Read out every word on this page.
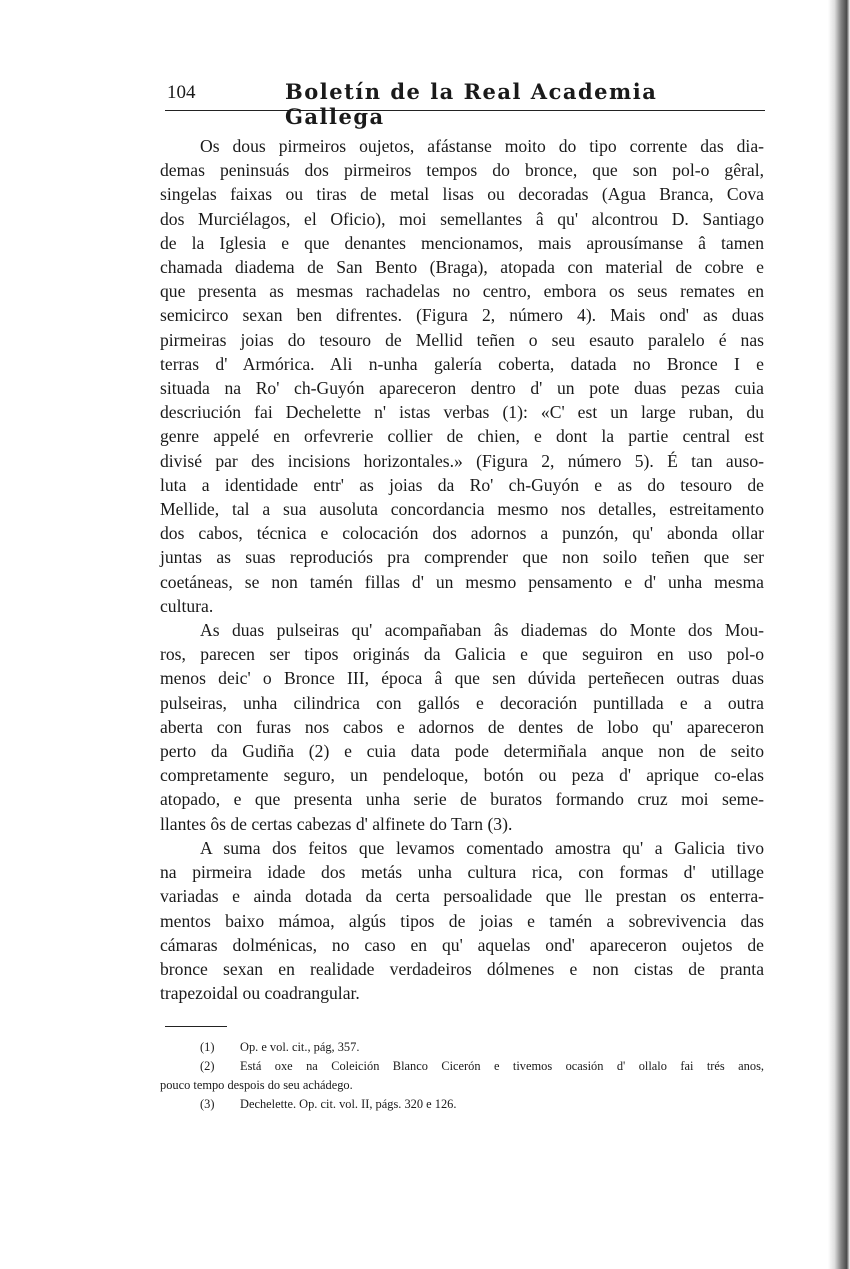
104	Boletín de la Real Academia Gallega
Os dous pirmeiros oujetos, afástanse moito do tipo corrente das dia-
demas peninsuás dos pirmeiros tempos do bronce, que son pol-o gêral,
singelas faixas ou tiras de metal lisas ou decoradas (Agua Branca, Cova
dos Murciélagos, el Oficio), moi semellantes â qu' alcontrou D. Santiago
de la Iglesia e que denantes mencionamos, mais aprousímanse â tamen
chamada diadema de San Bento (Braga), atopada con material de cobre e
que presenta as mesmas rachadelas no centro, embora os seus remates en
semicirco sexan ben difrentes. (Figura 2, número 4). Mais ond' as duas
pirmeiras joias do tesouro de Mellid teñen o seu esauto paralelo é nas
terras d' Armórica. Ali n-unha galería coberta, datada no Bronce I e
situada na Ro' ch-Guyón apareceron dentro d' un pote duas pezas cuia
descriución fai Dechelette n' istas verbas (1): «C' est un large ruban, du
genre appelé en orfevrerie collier de chien, e dont la partie central est
divisé par des incisions horizontales.» (Figura 2, número 5). É tan auso-
luta a identidade entr' as joias da Ro' ch-Guyón e as do tesouro de
Mellide, tal a sua ausoluta concordancia mesmo nos detalles, estreitamento
dos cabos, técnica e colocación dos adornos a punzón, qu' abonda ollar
juntas as suas reproduciós pra comprender que non soilo teñen que ser
coetáneas, se non tamén fillas d' un mesmo pensamento e d' unha mesma
cultura.
As duas pulseiras qu' acompañaban âs diademas do Monte dos Mou-
ros, parecen ser tipos originás da Galicia e que seguiron en uso pol-o
menos deic' o Bronce III, época â que sen dúvida perteñecen outras duas
pulseiras, unha cilindrica con gallós e decoración puntillada e a outra
aberta con furas nos cabos e adornos de dentes de lobo qu' apareceron
perto da Gudiña (2) e cuia data pode determiñala anque non de seito
compretamente seguro, un pendeloque, botón ou peza d' aprique co-elas
atopado, e que presenta unha serie de buratos formando cruz moi seme-
llantes ôs de certas cabezas d' alfinete do Tarn (3).
A suma dos feitos que levamos comentado amostra qu' a Galicia tivo
na pirmeira idade dos metás unha cultura rica, con formas d' utillage
variadas e ainda dotada da certa persoalidade que lle prestan os enterra-
mentos baixo mámoa, algús tipos de joias e tamén a sobrevivencia das
cámaras dolménicas, no caso en qu' aquelas ond' apareceron oujetos de
bronce sexan en realidade verdadeiros dólmenes e non cistas de pranta
trapezoidal ou coadrangular.
(1) Op. e vol. cit., pág, 357.
(2) Está oxe na Coleición Blanco Cicerón e tivemos ocasión d' ollalo fai trés anos,
pouco tempo despois do seu achádego.
(3) Dechelette. Op. cit. vol. II, págs. 320 e 126.
